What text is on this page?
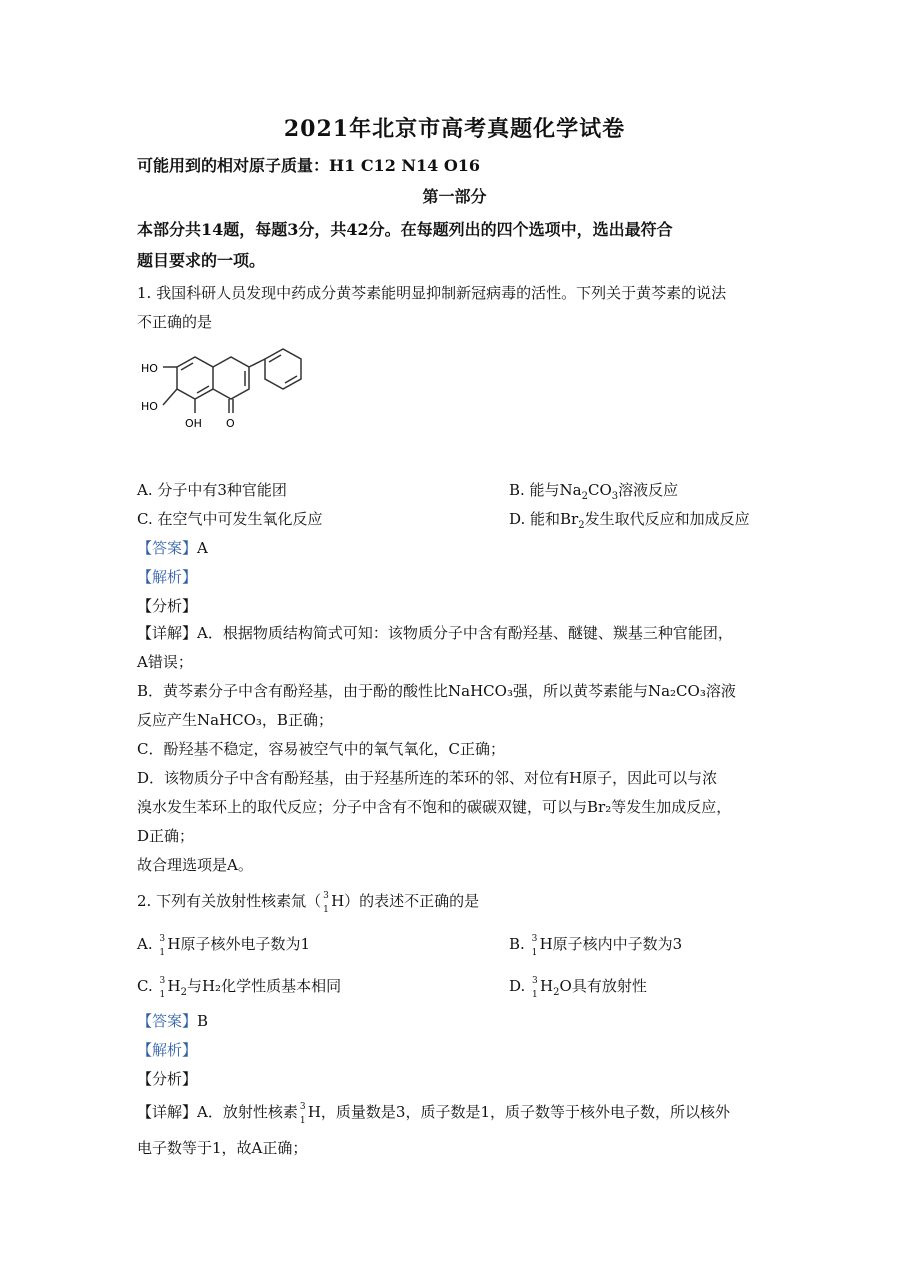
2021年北京市高考真题化学试卷
可能用到的相对原子质量：H1 C12 N14 O16
第一部分
本部分共14题，每题3分，共42分。在每题列出的四个选项中，选出最符合
题目要求的一项。
1. 我国科研人员发现中药成分黄芩素能明显抑制新冠病毒的活性。下列关于黄芩素的说法
不正确的是
HO
HO
OH O
A. 分子中有3种官能团	B. 能与$Na_2CO_3$溶液反应
C. 在空气中可发生氧化反应	D. 能和$Br_2$发生取代反应和加成反应
【答案】A
【解析】
【分析】
【详解】A．根据物质结构简式可知：该物质分子中含有酚羟基、醚键、羰基三种官能团，
A错误；
B．黄芩素分子中含有酚羟基，由于酚的酸性比NaHCO₃强，所以黄芩素能与Na₂CO₃溶液
反应产生NaHCO₃，B正确；
C．酚羟基不稳定，容易被空气中的氧气氧化，C正确；
D．该物质分子中含有酚羟基，由于羟基所连的苯环的邻、对位有H原子，因此可以与浓
溴水发生苯环上的取代反应；分子中含有不饱和的碳碳双键，可以与Br₂等发生加成反应，
D正确；
故合理选项是A。
2. 下列有关放射性核素氚（ 3
1 H）的表述不正确的是
A. 3
1 H原子核外电子数为1	B. 3
1 H原子核内中子数为3
C. 3
1 $H_2$与H₂化学性质基本相同	D. 3
1 $H_2O$具有放射性
【答案】B
【解析】
【分析】
【详解】A．放射性核素 3
1 H，质量数是3，质子数是1，质子数等于核外电子数，所以核外
电子数等于1，故A正确；
